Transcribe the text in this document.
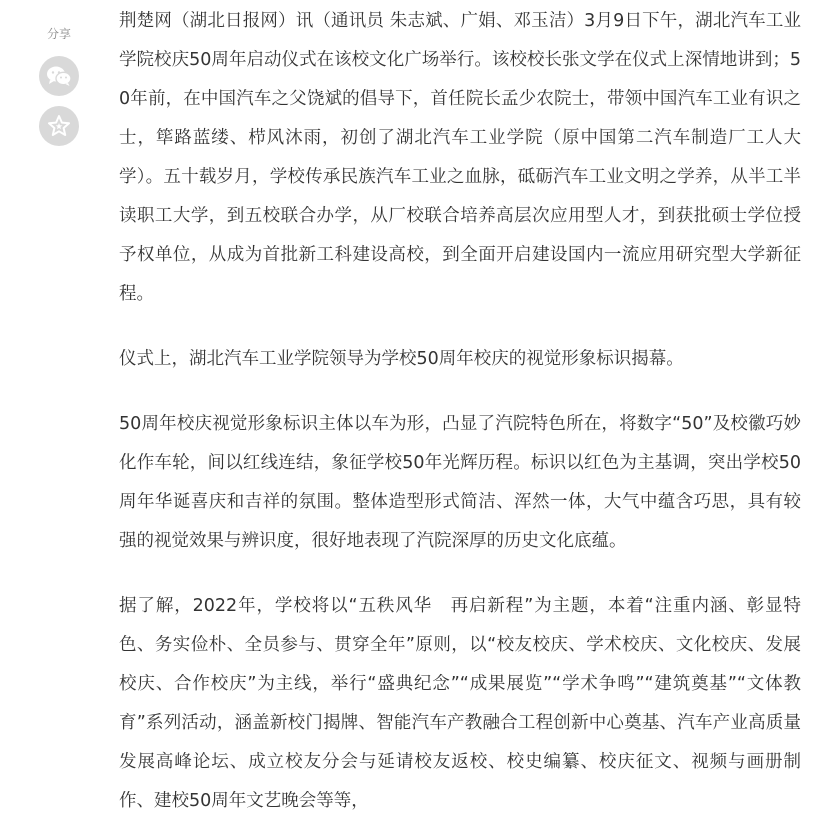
分享

荆楚网（湖北日报网）讯（通讯员 朱志斌、广娟、邓玉洁）3月9日下午，湖北汽车工业学院校庆50周年启动仪式在该校文化广场举行。该校校长张文学在仪式上深情地讲到；50年前，在中国汽车之父饶斌的倡导下，首任院长孟少农院士，带领中国汽车工业有识之士，筚路蓝缕、栉风沐雨，初创了湖北汽车工业学院（原中国第二汽车制造厂工人大学）。五十载岁月，学校传承民族汽车工业之血脉，砥砺汽车工业文明之学养，从半工半读职工大学，到五校联合办学，从厂校联合培养高层次应用型人才，到获批硕士学位授予权单位，从成为首批新工科建设高校，到全面开启建设国内一流应用研究型大学新征程。

仪式上，湖北汽车工业学院领导为学校50周年校庆的视觉形象标识揭幕。

50周年校庆视觉形象标识主体以车为形，凸显了汽院特色所在，将数字“50”及校徽巧妙化作车轮，间以红线连结，象征学校50年光辉历程。标识以红色为主基调，突出学校50周年华诞喜庆和吉祥的氛围。整体造型形式简洁、浑然一体，大气中蕴含巧思，具有较强的视觉效果与辨识度，很好地表现了汽院深厚的历史文化底蕴。

据了解，2022年，学校将以“五秩风华　再启新程”为主题，本着“注重内涵、彰显特色、务实俭朴、全员参与、贯穿全年”原则，以“校友校庆、学术校庆、文化校庆、发展校庆、合作校庆”为主线，举行“盛典纪念”“成果展览”“学术争鸣”“建筑奠基”“文体教育”系列活动，涵盖新校门揭牌、智能汽车产教融合工程创新中心奠基、汽车产业高质量发展高峰论坛、成立校友分会与延请校友返校、校史编纂、校庆征文、视频与画册制作、建校50周年文艺晚会等等，
